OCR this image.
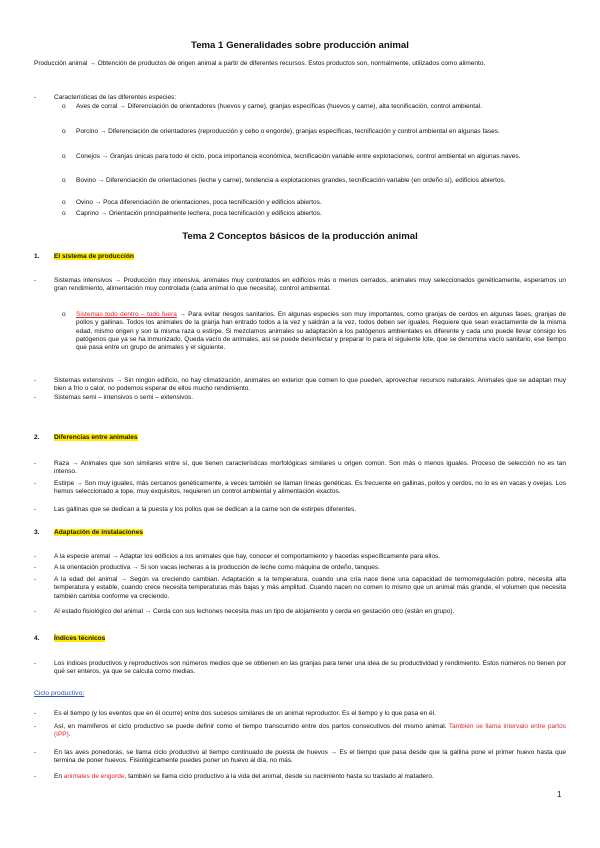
Tema 1 Generalidades sobre producción animal
Producción animal → Obtención de productos de origen animal a partir de diferentes recursos. Estos productos son, normalmente, utilizados como alimento.
-	Características de las diferentes especies:
o Aves de corral → Diferenciación de orientadores (huevos y carne), granjas específicas (huevos y carne), alta tecnificación, control ambiental.
o Porcino → Diferenciación de orientadores (reproducción y cebo o engorde), granjas específicas, tecnificación y control ambiental en algunas fases.
o Conejos → Granjas únicas para todo el ciclo, poca importancia económica, tecnificación variable entre explotaciones, control ambiental en algunas naves.
o Bovino → Diferenciación de orientaciones (leche y carne), tendencia a explotaciones grandes, tecnificación variable (en ordeño sí), edificios abiertos.
o Ovino → Poca diferenciación de orientaciones, poca tecnificación y edificios abiertos.
o Caprino → Orientación principalmente lechera, poca tecnificación y edificios abiertos.
Tema 2 Conceptos básicos de la producción animal
1. El sistema de producción
-	Sistemas intensivos → Producción muy intensiva, animales muy controlados en edificios más o menos cerrados, animales muy seleccionados genéticamente, esperamos un gran rendimiento, alimentación muy controlada (cada animal lo que necesita), control ambiental.
o Sistemas todo dentro – todo fuera → Para evitar riesgos sanitarios. En algunas especies son muy importantes, como granjas de cerdos en algunas fases, granjas de pollos y gallinas. Todos los animales de la granja han entrado todos a la vez y saldrán a la vez, todos deben ser iguales. Requiere que sean exactamente de la misma edad, mismo origen y son la misma raza o estirpe. Si mezclamos animales su adaptación a los patógenos ambientales es diferente y cada uno puede llevar consigo los patógenos que ya se ha inmunizado. Queda vacío de animales, así se puede desinfectar y preparar lo para el siguiente lote, que se denomina vacío sanitario, ese tiempo que pasa entre un grupo de animales y el siguiente.
-	Sistemas extensivos → Sin ningún edificio, no hay climatización, animales en exterior que comen lo que pueden, aprovechar recursos naturales. Animales que se adaptan muy bien a frío o calor, no podemos esperar de ellos mucho rendimiento.
-	Sistemas semi – intensivos o semi – extensivos.
2. Diferencias entre animales
-	Raza → Animales que son similares entre sí, que tienen características morfológicas similares u origen común. Son más o menos iguales. Proceso de selección no es tan intenso.
-	Estirpe → Son muy iguales, más cercanos genéticamente, a veces también se llaman líneas genéticas. Es frecuente en gallinas, pollos y cerdos, no lo es en vacas y ovejas. Los hemos seleccionado a tope, muy exquisitos, requieren un control ambiental y alimentación exactos.
-	Las gallinas que se dedican a la puesta y los pollos que se dedican a la carne son de estirpes diferentes.
3. Adaptación de instalaciones
-	A la especie animal → Adaptar los edificios a los animales que hay, conocer el comportamiento y hacerlas específicamente para ellos.
-	A la orientación productiva → Si son vacas lecheras a la producción de leche como máquina de ordeño, tanques.
-	A la edad del animal → Según va creciendo cambian. Adaptación a la temperatura, cuando una cría nace tiene una capacidad de termorregulación pobre, necesita alta temperatura y estable, cuando crece necesita temperaturas más bajas y más amplitud. Cuando nacen no comen lo mismo que un animal más grande, el volumen que necesita también cambia conforme va creciendo.
-	Al estado fisiológico del animal → Cerda con sus lechones necesita mas un tipo de alojamiento y cerda en gestación otro (están en grupo).
4. Índices técnicos
-	Los índices productivos y reproductivos son números medios que se obtienen en las granjas para tener una idea de su productividad y rendimiento. Estos números no tienen por qué ser enteros, ya que se calcula como medias.
Ciclo productivo:
-	Es el tiempo (y los eventos que en él ocurre) entre dos sucesos similares de un animal reproductor. Es el tiempo y lo que pasa en él.
-	Así, en mamíferos el ciclo productivo se puede definir como el tiempo transcurrido entre dos partos consecutivos del mismo animal. También se llama intervalo entre partos (IPP).
-	En las aves ponedoras, se llama ciclo productivo al tiempo continuado de puesta de huevos → Es el tiempo que pasa desde que la gallina pone el primer huevo hasta que termina de poner huevos. Fisiológicamente puedes poner un huevo al día, no más.
-	En animales de engorde, también se llama ciclo productivo a la vida del animal, desde su nacimiento hasta su traslado al matadero.
1
